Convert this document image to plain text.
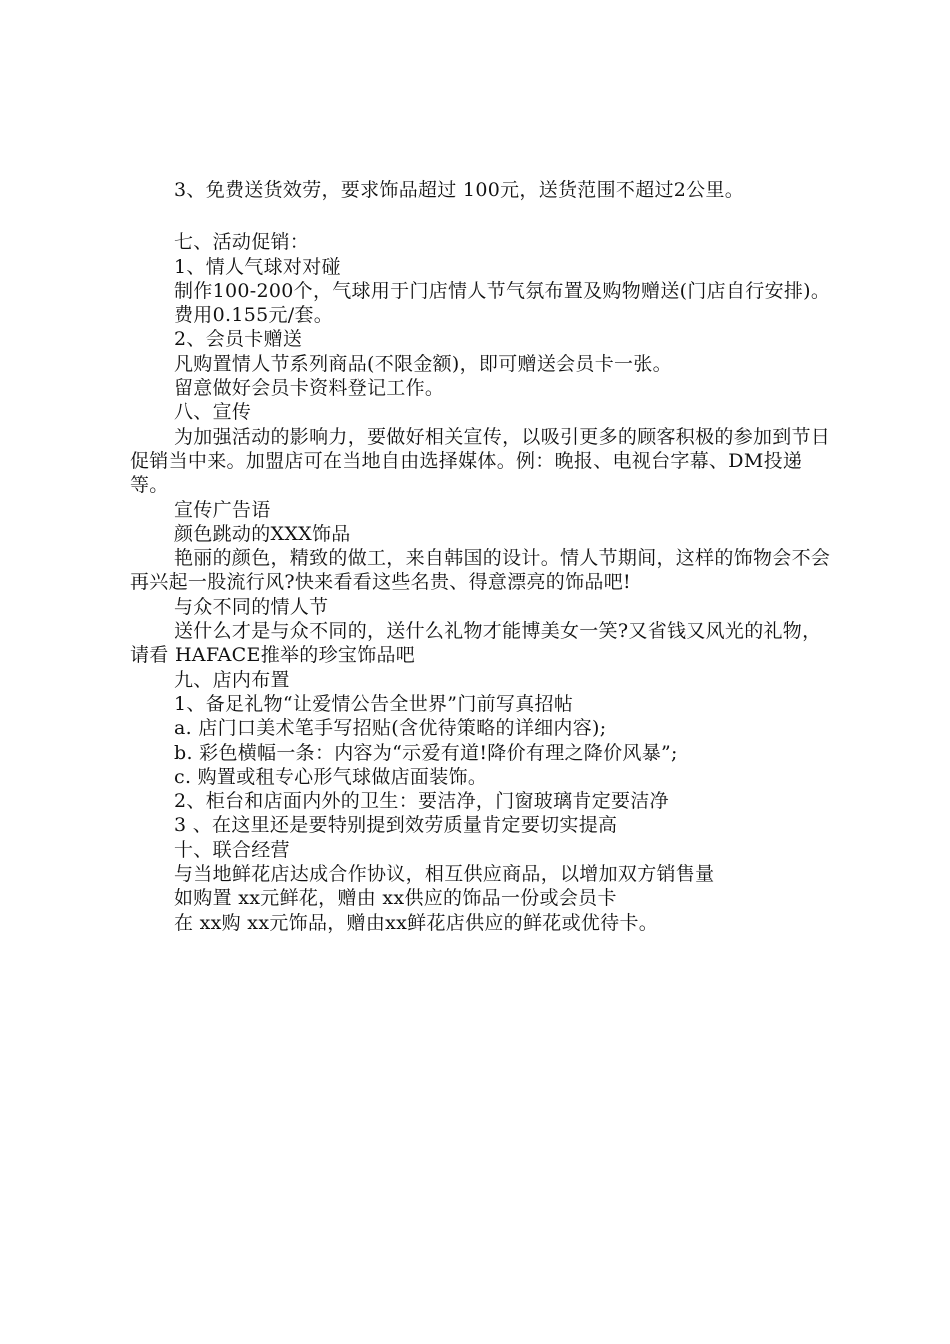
3、免费送货效劳，要求饰品超过 100元，送货范围不超过2公里。

七、活动促销：

1、情人气球对对碰

制作100-200个，气球用于门店情人节气氛布置及购物赠送(门店自行安排)。

费用0.155元/套。

2、会员卡赠送

凡购置情人节系列商品(不限金额)，即可赠送会员卡一张。

留意做好会员卡资料登记工作。

八、宣传

为加强活动的影响力，要做好相关宣传，以吸引更多的顾客积极的参加到节日促销当中来。加盟店可在当地自由选择媒体。例：晚报、电视台字幕、DM投递等。

宣传广告语

颜色跳动的XXX饰品

艳丽的颜色，精致的做工，来自韩国的设计。情人节期间，这样的饰物会不会再兴起一股流行风?快来看看这些名贵、得意漂亮的饰品吧!

与众不同的情人节

送什么才是与众不同的，送什么礼物才能博美女一笑?又省钱又风光的礼物，请看 HAFACE推举的珍宝饰品吧

九、店内布置

1、备足礼物“让爱情公告全世界”门前写真招帖

a. 店门口美术笔手写招贴(含优待策略的详细内容);

b. 彩色横幅一条：内容为“示爱有道!降价有理之降价风暴”;

c. 购置或租专心形气球做店面装饰。

2、柜台和店面内外的卫生：要洁净，门窗玻璃肯定要洁净

3 、在这里还是要特别提到效劳质量肯定要切实提高

十、联合经营

与当地鲜花店达成合作协议，相互供应商品，以增加双方销售量

如购置 xx元鲜花，赠由 xx供应的饰品一份或会员卡

在 xx购 xx元饰品，赠由xx鲜花店供应的鲜花或优待卡。
